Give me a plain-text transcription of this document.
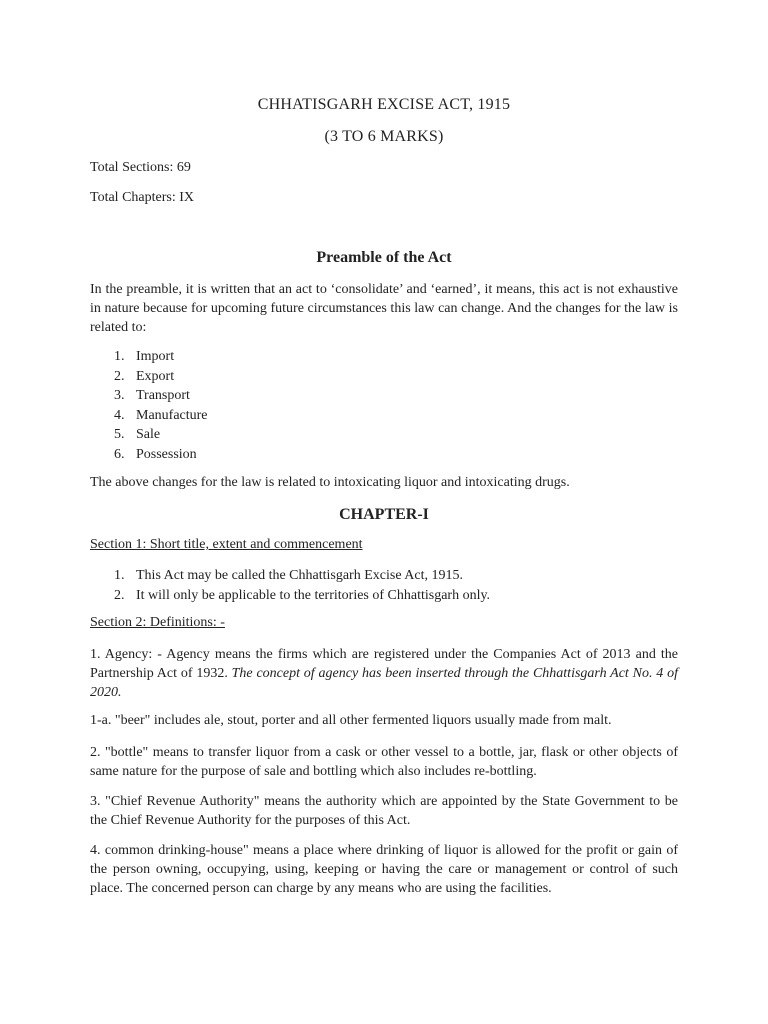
CHHATISGARH EXCISE ACT, 1915
(3 TO 6 MARKS)
Total Sections: 69
Total Chapters: IX
Preamble of the Act
In the preamble, it is written that an act to ‘consolidate’ and ‘earned’, it means, this act is not exhaustive in nature because for upcoming future circumstances this law can change. And the changes for the law is related to:
1. Import
2. Export
3. Transport
4. Manufacture
5. Sale
6. Possession
The above changes for the law is related to intoxicating liquor and intoxicating drugs.
CHAPTER-I
Section 1: Short title, extent and commencement
1. This Act may be called the Chhattisgarh Excise Act, 1915.
2. It will only be applicable to the territories of Chhattisgarh only.
Section 2: Definitions: -
1. Agency: - Agency means the firms which are registered under the Companies Act of 2013 and the Partnership Act of 1932. The concept of agency has been inserted through the Chhattisgarh Act No. 4 of 2020.
1-a. "beer" includes ale, stout, porter and all other fermented liquors usually made from malt.
2. "bottle" means to transfer liquor from a cask or other vessel to a bottle, jar, flask or other objects of same nature for the purpose of sale and bottling which also includes re-bottling.
3. "Chief Revenue Authority" means the authority which are appointed by the State Government to be the Chief Revenue Authority for the purposes of this Act.
4. common drinking-house" means a place where drinking of liquor is allowed for the profit or gain of the person owning, occupying, using, keeping or having the care or management or control of such place. The concerned person can charge by any means who are using the facilities.
